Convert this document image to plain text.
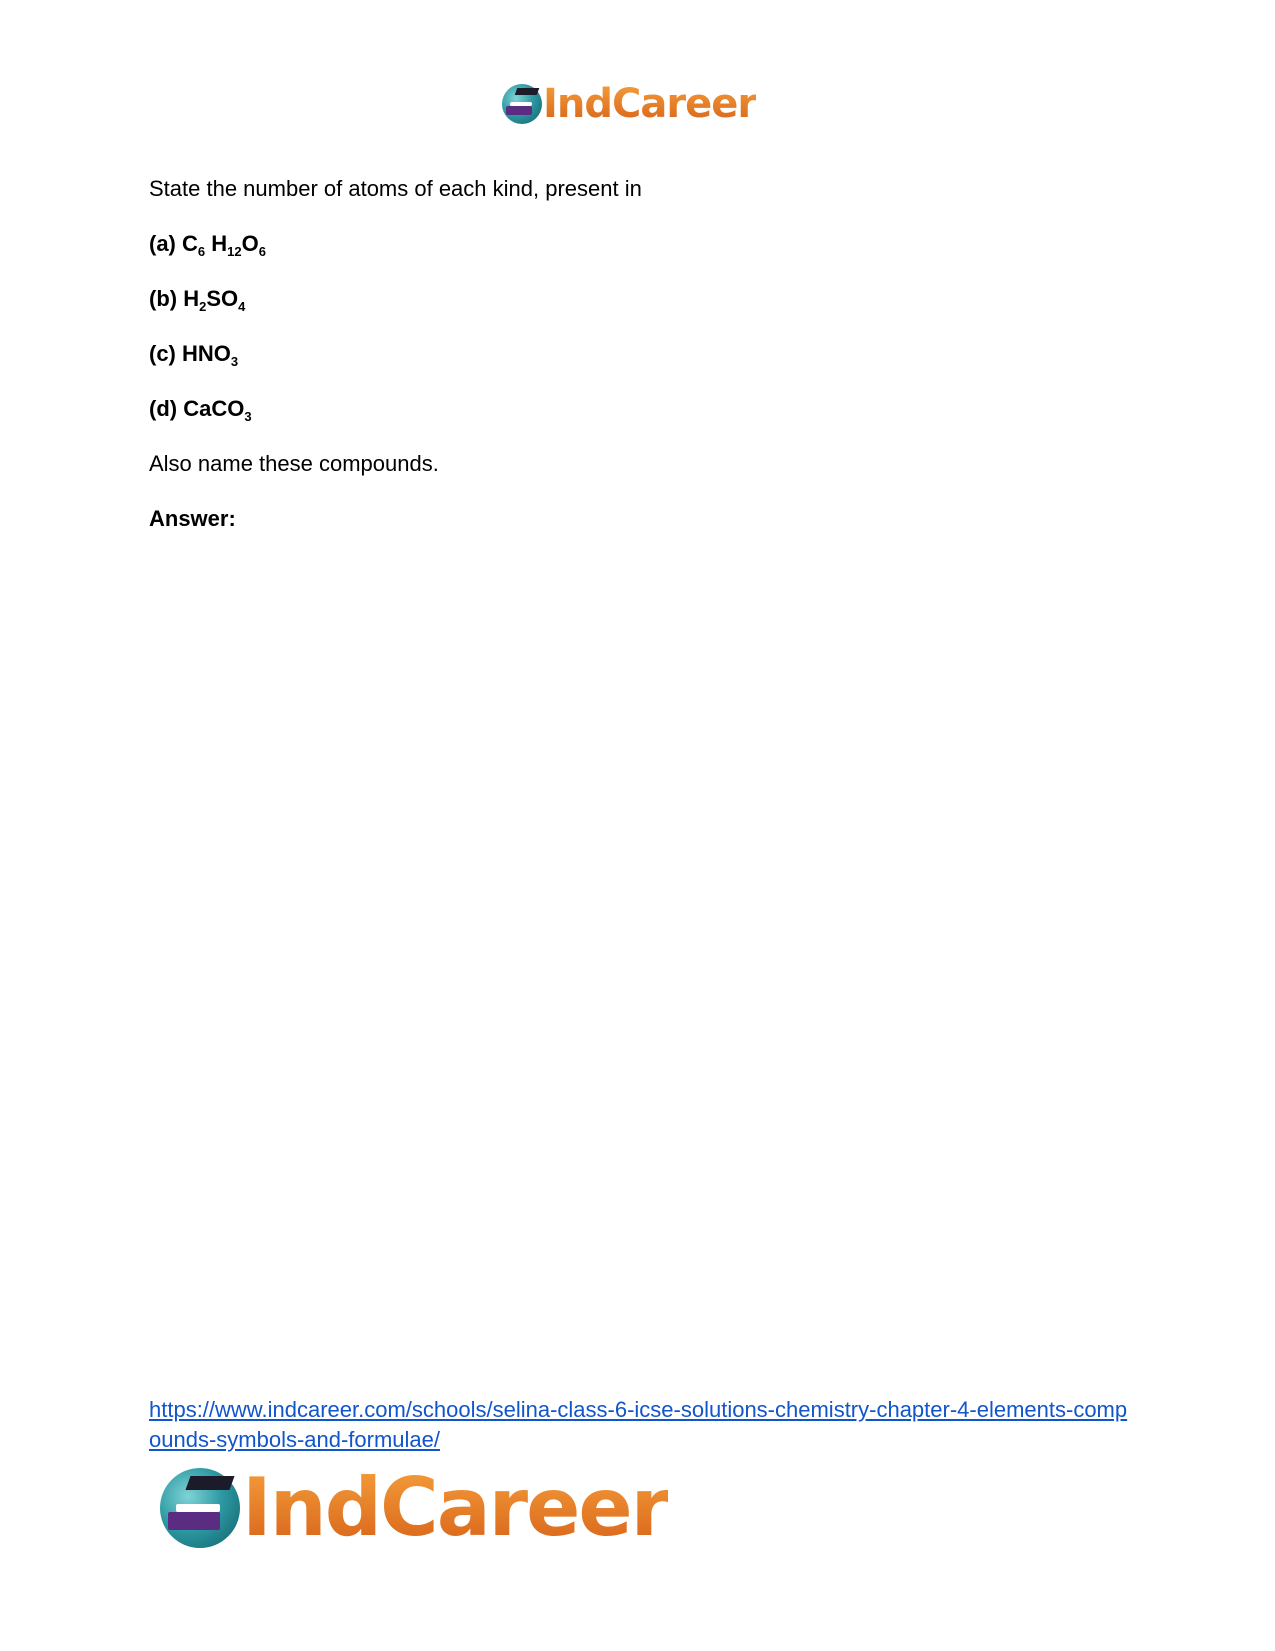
IndCareer

State the number of atoms of each kind, present in

(a) $C_6$ $H_{12}O_6$

(b) $H_2SO_4$

(c) $HNO_3$

(d) CaCO$_3$

Also name these compounds.

Answer:

https://www.indcareer.com/schools/selina-class-6-icse-solutions-chemistry-chapter-4-elements-compounds-symbols-and-formulae/
IndCareer
